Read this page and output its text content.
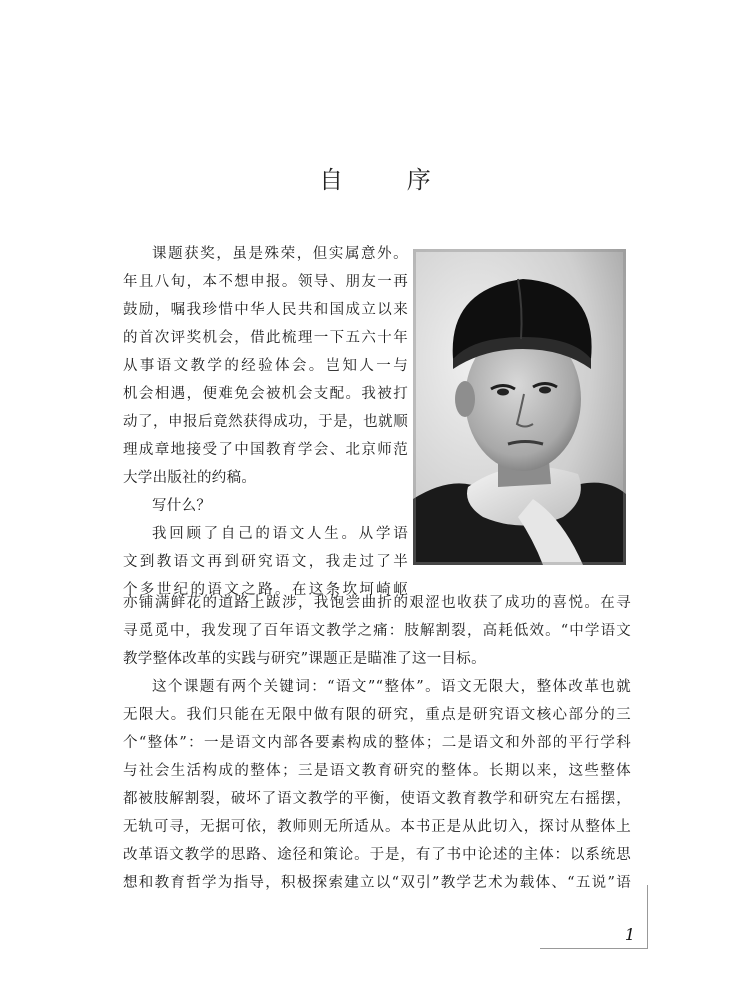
自 序
课题获奖，虽是殊荣，但实属意外。
年且八旬，本不想申报。领导、朋友一再
鼓励，嘱我珍惜中华人民共和国成立以来
的首次评奖机会，借此梳理一下五六十年
从事语文教学的经验体会。岂知人一与
机会相遇，便难免会被机会支配。我被打
动了，申报后竟然获得成功，于是，也就顺
理成章地接受了中国教育学会、北京师范
大学出版社的约稿。
写什么？
我回顾了自己的语文人生。从学语
文到教语文再到研究语文，我走过了半
个多世纪的语文之路。在这条坎坷崎岖
亦铺满鲜花的道路上跋涉，我饱尝曲折的艰涩也收获了成功的喜悦。在寻
寻觅觅中，我发现了百年语文教学之痛：肢解割裂，高耗低效。“中学语文
教学整体改革的实践与研究”课题正是瞄准了这一目标。
这个课题有两个关键词：“语文”“整体”。语文无限大，整体改革也就
无限大。我们只能在无限中做有限的研究，重点是研究语文核心部分的三
个“整体”：一是语文内部各要素构成的整体；二是语文和外部的平行学科
与社会生活构成的整体；三是语文教育研究的整体。长期以来，这些整体
都被肢解割裂，破坏了语文教学的平衡，使语文教育教学和研究左右摇摆，
无轨可寻，无据可依，教师则无所适从。本书正是从此切入，探讨从整体上
改革语文教学的思路、途径和策论。于是，有了书中论述的主体：以系统思
想和教育哲学为指导，积极探索建立以“双引”教学艺术为载体、“五说”语
1
